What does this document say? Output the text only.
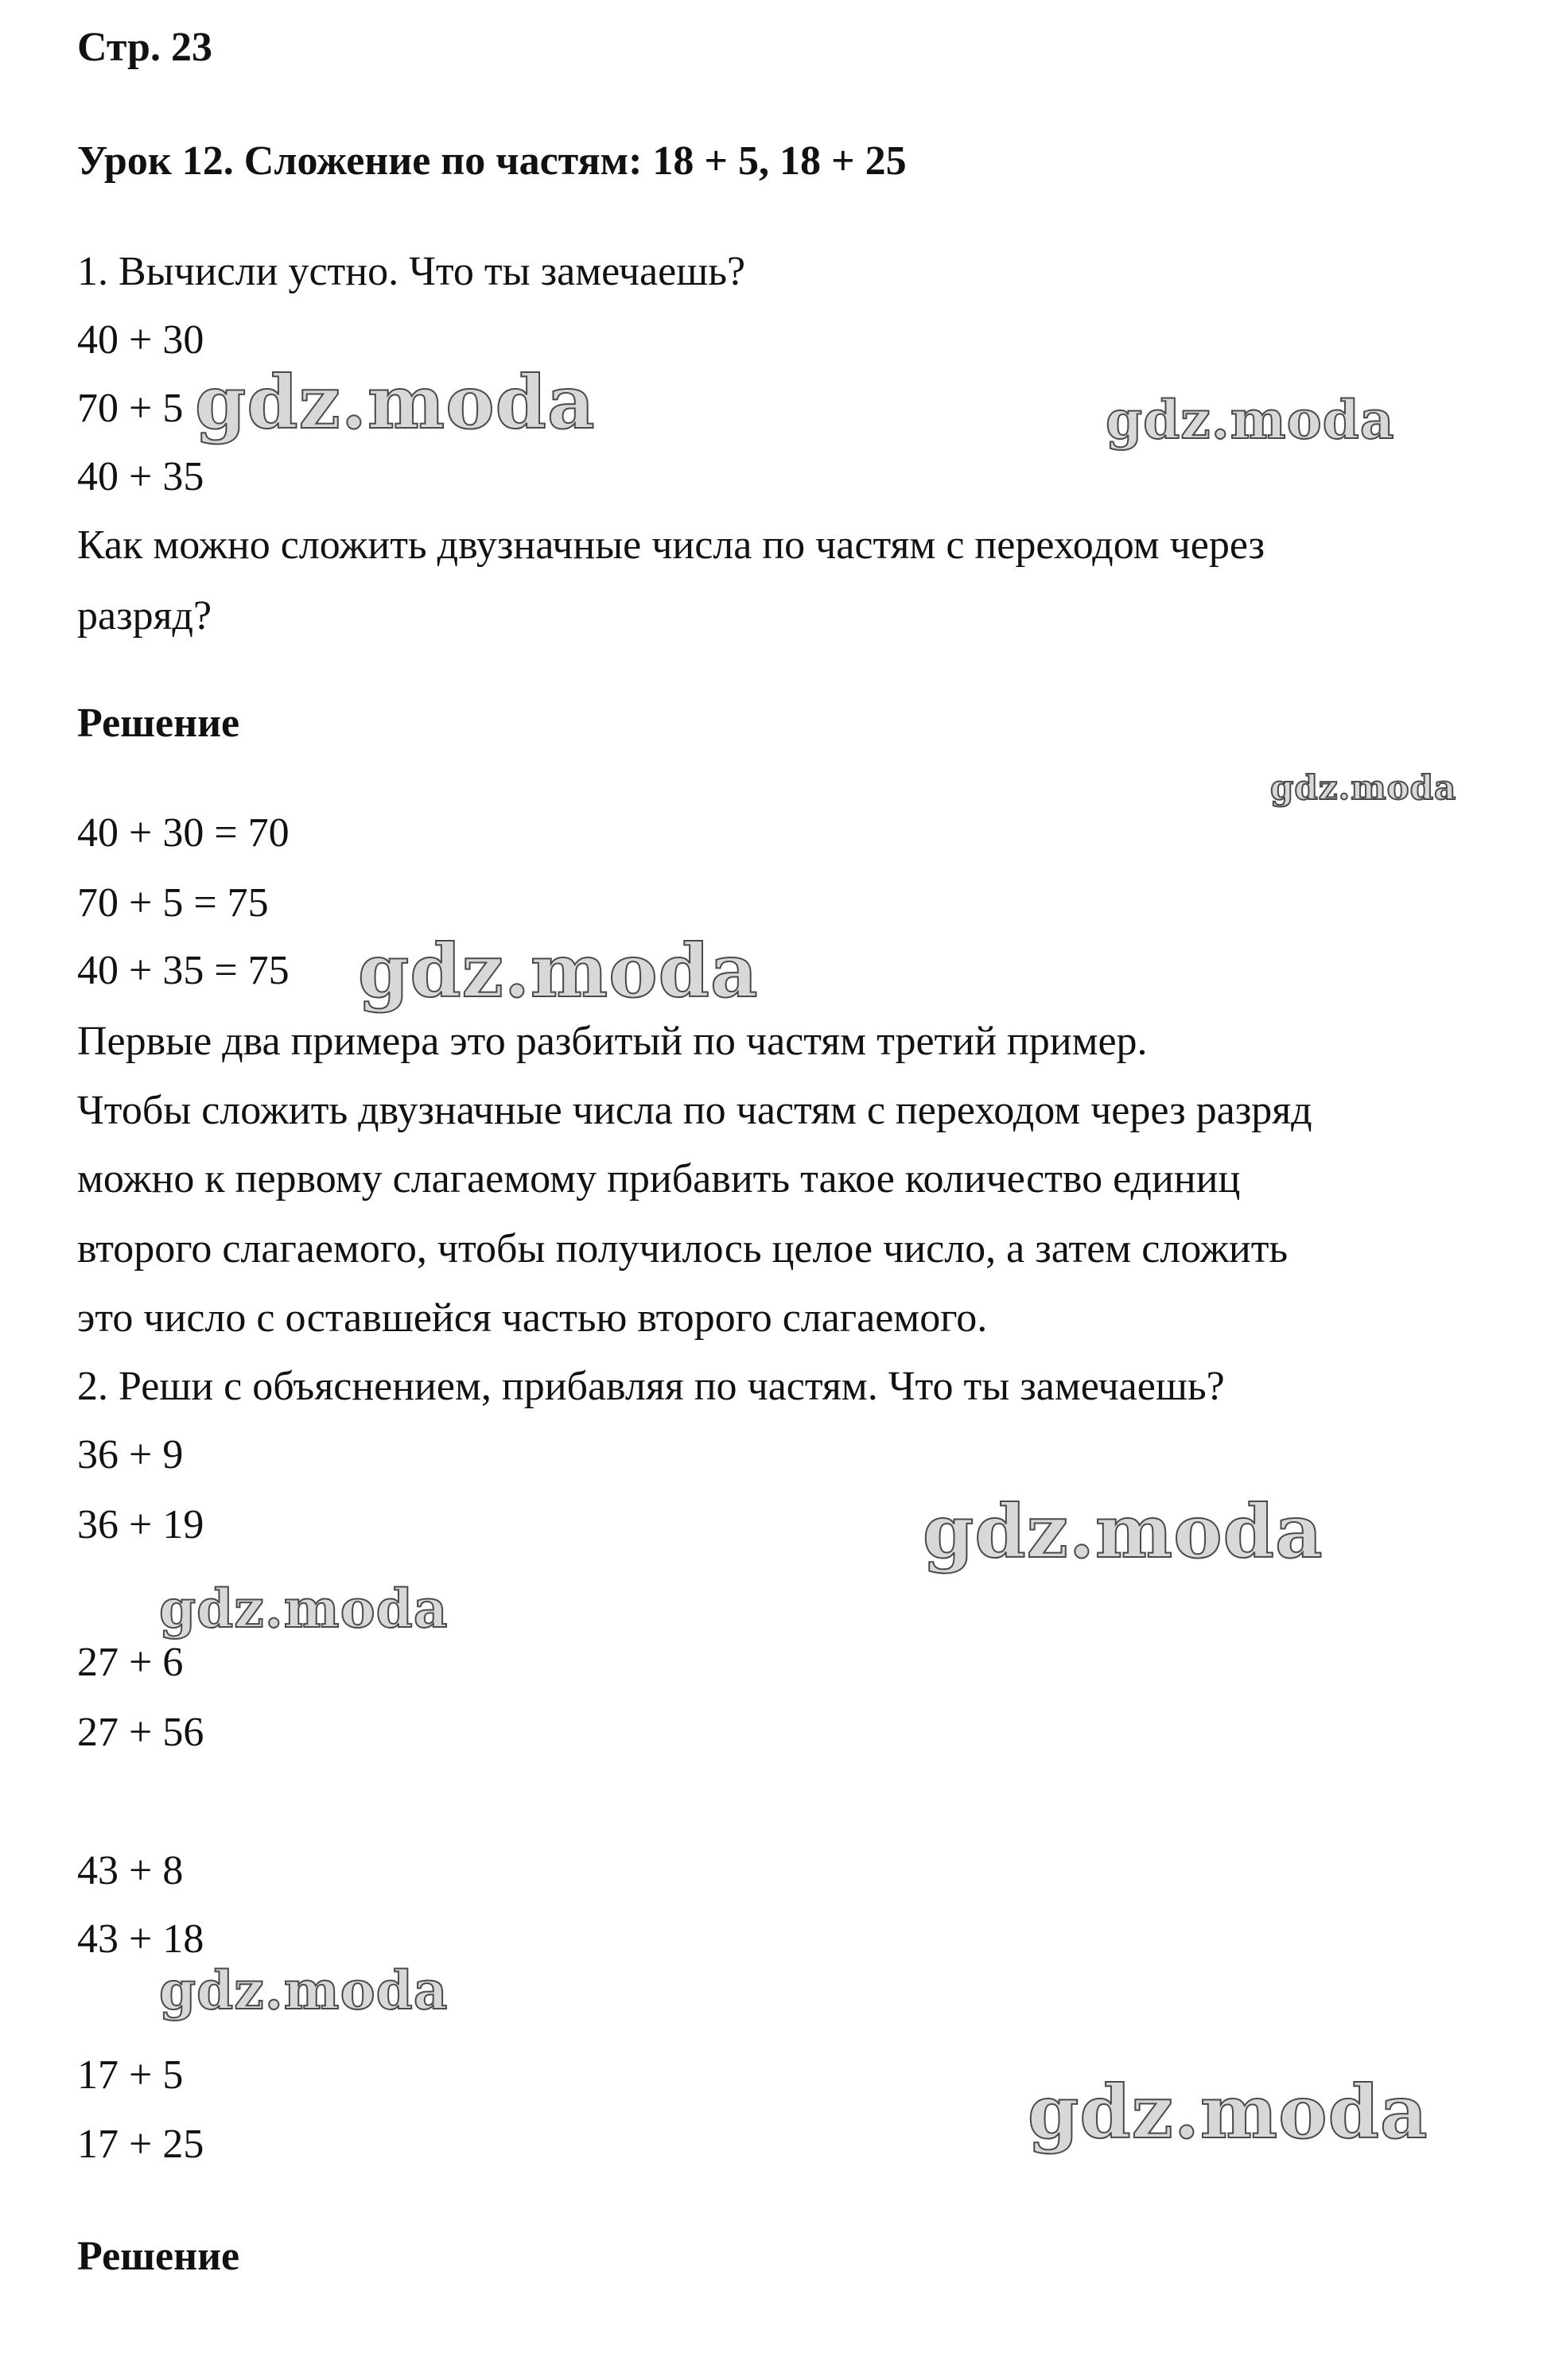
Стр. 23
Урок 12. Сложение по частям: 18 + 5, 18 + 25
1. Вычисли устно. Что ты замечаешь?
40 + 30
70 + 5
40 + 35
Как можно сложить двузначные числа по частям с переходом через
разряд?
Решение
40 + 30 = 70
70 + 5 = 75
40 + 35 = 75
Первые два примера это разбитый по частям третий пример.
Чтобы сложить двузначные числа по частям с переходом через разряд
можно к первому слагаемому прибавить такое количество единиц
второго слагаемого, чтобы получилось целое число, а затем сложить
это число с оставшейся частью второго слагаемого.
2. Реши с объяснением, прибавляя по частям. Что ты замечаешь?
36 + 9
36 + 19
27 + 6
27 + 56
43 + 8
43 + 18
17 + 5
17 + 25
Решение
gdz.moda	gdz.moda
gdz.moda
gdz.moda
gdz.moda
gdz.moda
gdz.moda
gdz.moda
